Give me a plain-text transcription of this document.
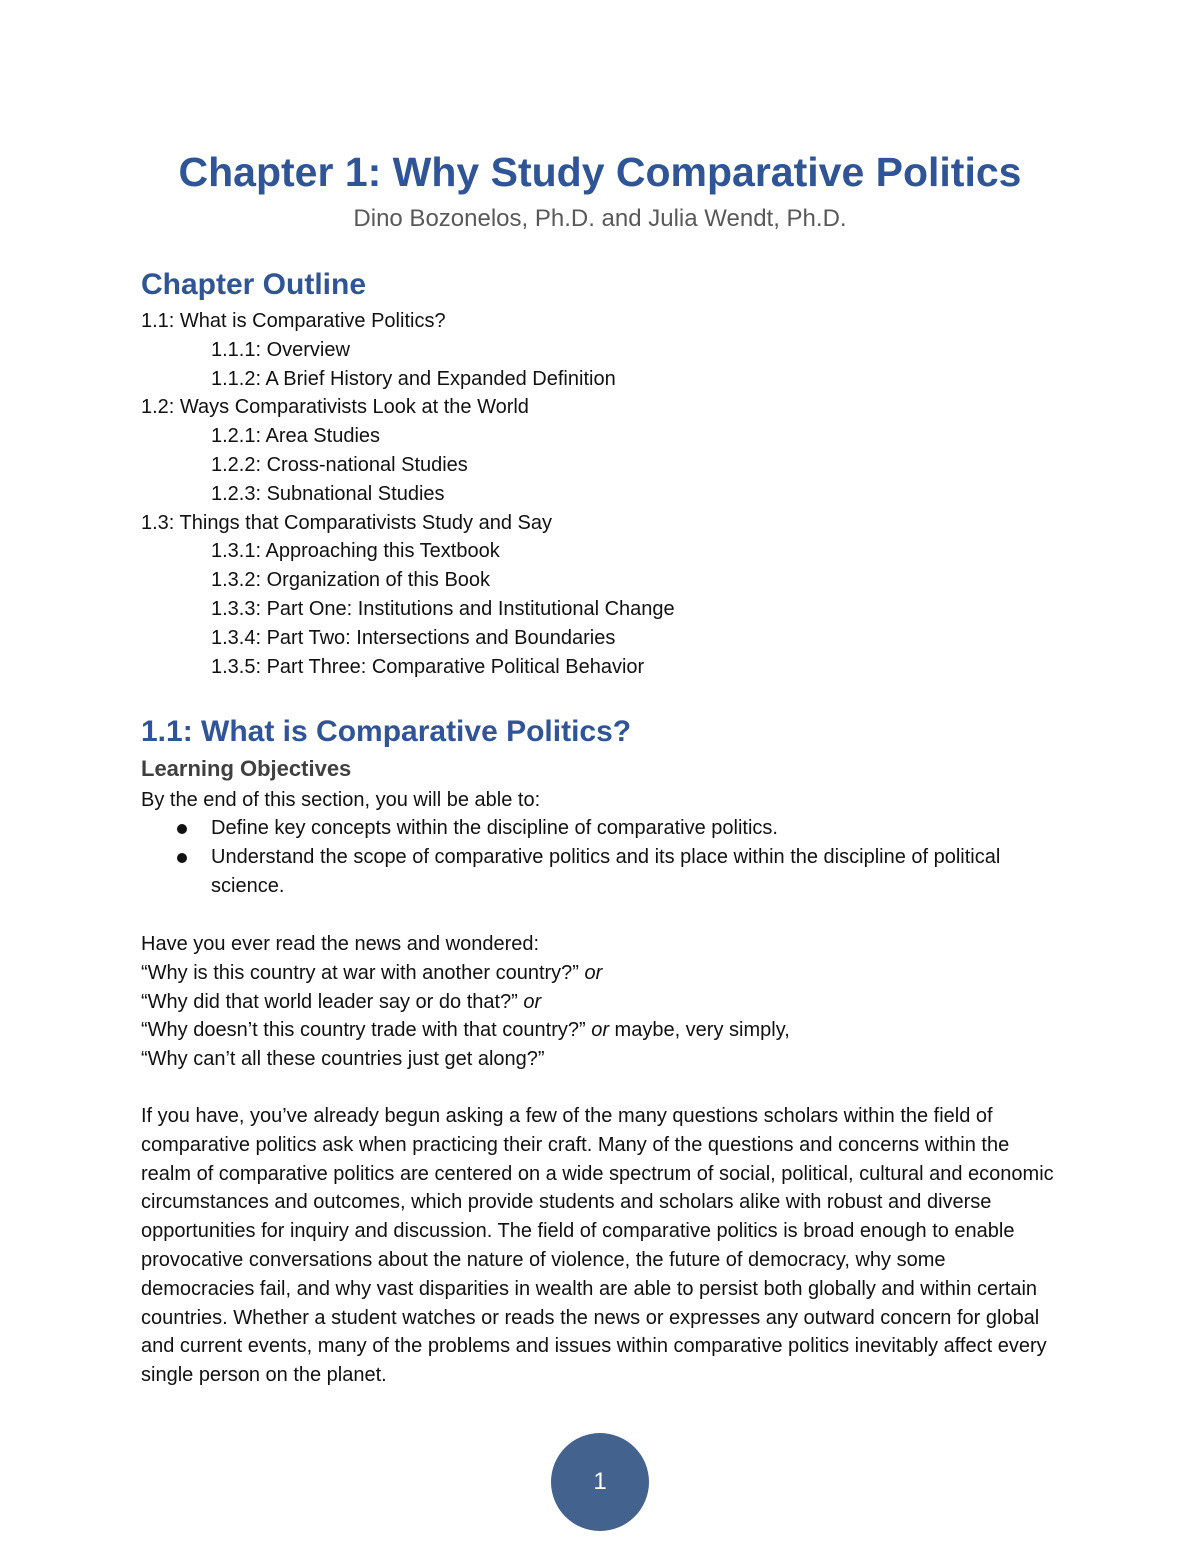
Chapter 1: Why Study Comparative Politics
Dino Bozonelos, Ph.D. and Julia Wendt, Ph.D.
Chapter Outline
1.1: What is Comparative Politics?
1.1.1: Overview
1.1.2: A Brief History and Expanded Definition
1.2: Ways Comparativists Look at the World
1.2.1: Area Studies
1.2.2: Cross-national Studies
1.2.3: Subnational Studies
1.3: Things that Comparativists Study and Say
1.3.1: Approaching this Textbook
1.3.2: Organization of this Book
1.3.3: Part One: Institutions and Institutional Change
1.3.4: Part Two: Intersections and Boundaries
1.3.5: Part Three: Comparative Political Behavior
1.1: What is Comparative Politics?
Learning Objectives
By the end of this section, you will be able to:
Define key concepts within the discipline of comparative politics.
Understand the scope of comparative politics and its place within the discipline of political science.
Have you ever read the news and wondered:
“Why is this country at war with another country?” or
“Why did that world leader say or do that?” or
“Why doesn’t this country trade with that country?” or maybe, very simply,
“Why can’t all these countries just get along?”

If you have, you’ve already begun asking a few of the many questions scholars within the field of comparative politics ask when practicing their craft. Many of the questions and concerns within the realm of comparative politics are centered on a wide spectrum of social, political, cultural and economic circumstances and outcomes, which provide students and scholars alike with robust and diverse opportunities for inquiry and discussion. The field of comparative politics is broad enough to enable provocative conversations about the nature of violence, the future of democracy, why some democracies fail, and why vast disparities in wealth are able to persist both globally and within certain countries. Whether a student watches or reads the news or expresses any outward concern for global and current events, many of the problems and issues within comparative politics inevitably affect every single person on the planet.

1
